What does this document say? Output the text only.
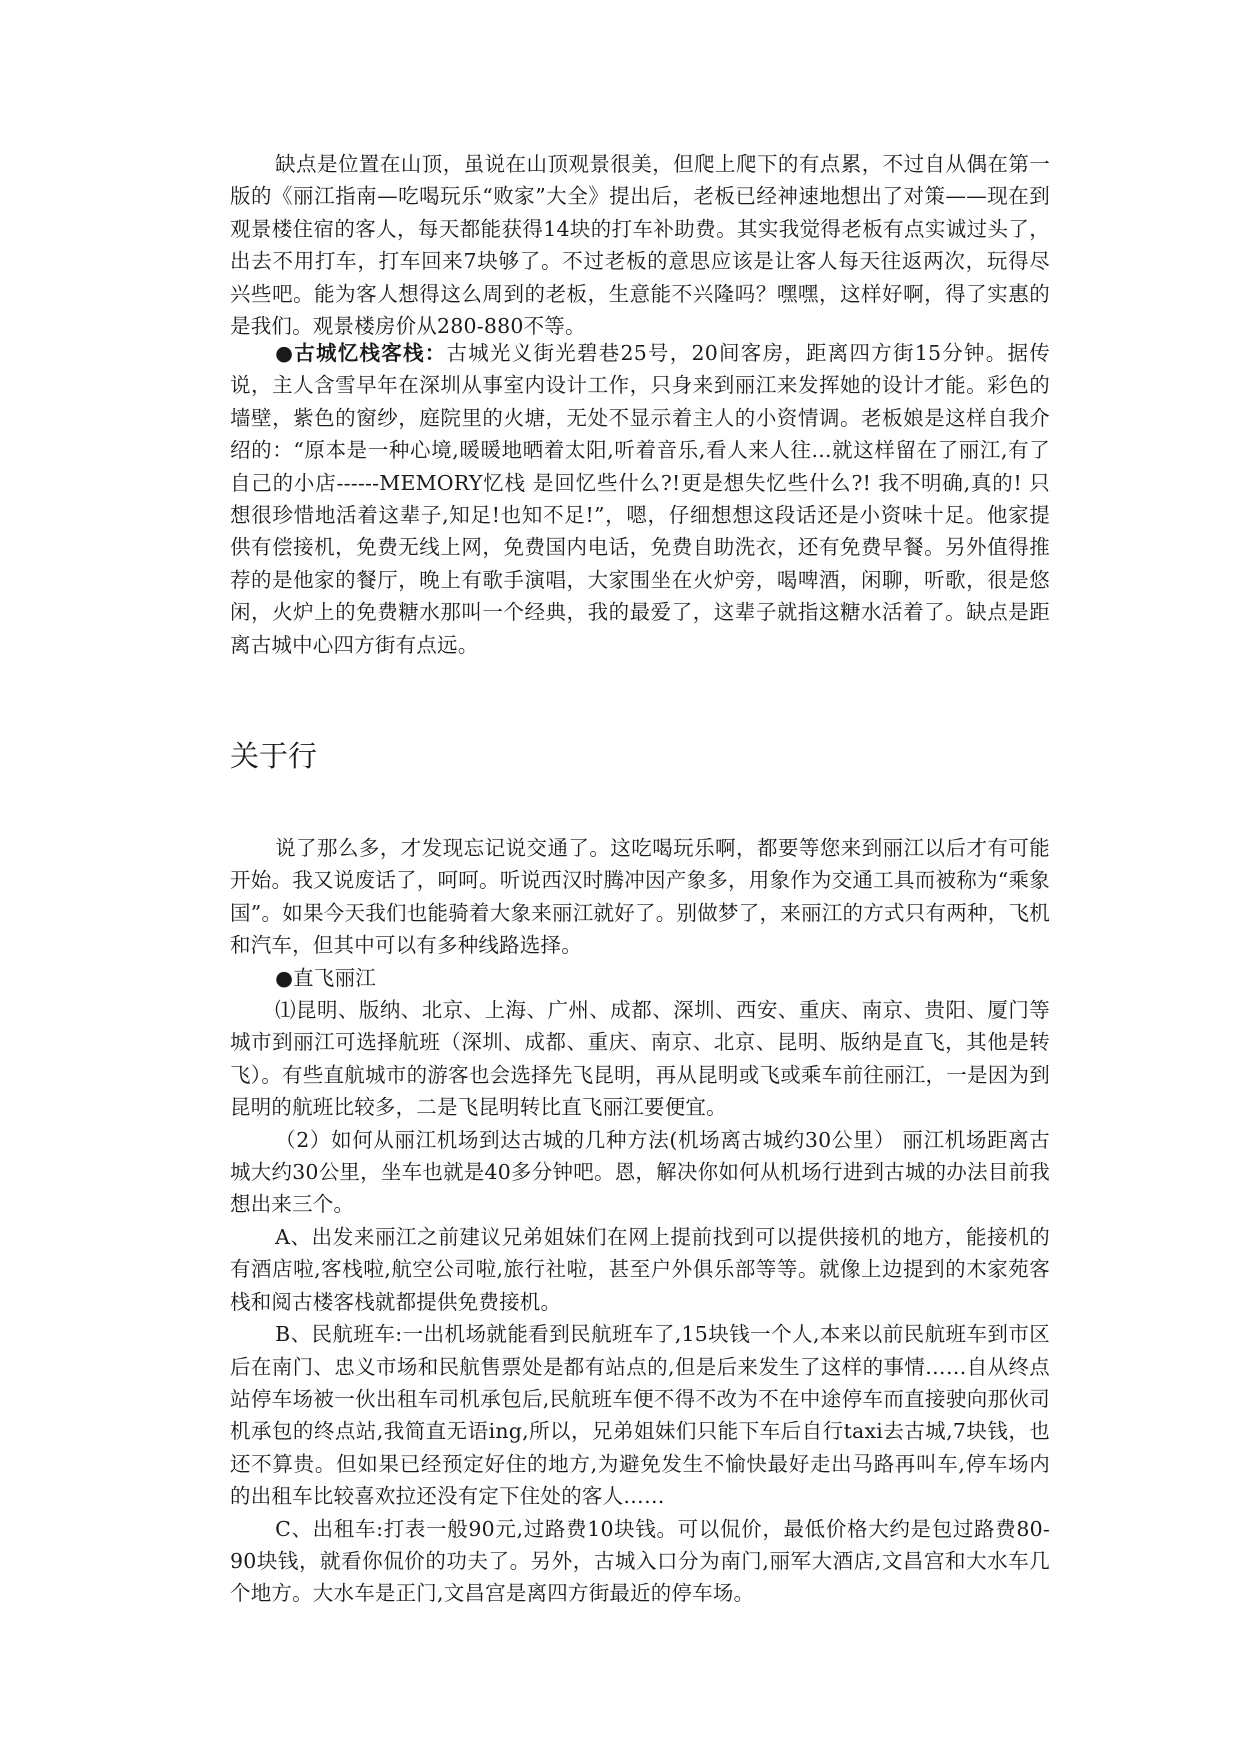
缺点是位置在山顶，虽说在山顶观景很美，但爬上爬下的有点累，不过自从偶在第一版的《丽江指南—吃喝玩乐“败家”大全》提出后，老板已经神速地想出了对策——现在到观景楼住宿的客人，每天都能获得14块的打车补助费。其实我觉得老板有点实诚过头了，出去不用打车，打车回来7块够了。不过老板的意思应该是让客人每天往返两次，玩得尽兴些吧。能为客人想得这么周到的老板，生意能不兴隆吗？嘿嘿，这样好啊，得了实惠的是我们。观景楼房价从280-880不等。

●古城忆栈客栈：古城光义街光碧巷25号，20间客房，距离四方街15分钟。据传说，主人含雪早年在深圳从事室内设计工作，只身来到丽江来发挥她的设计才能。彩色的墙壁，紫色的窗纱，庭院里的火塘，无处不显示着主人的小资情调。老板娘是这样自我介绍的：“原本是一种心境,暖暖地晒着太阳,听着音乐,看人来人往...就这样留在了丽江,有了自己的小店------MEMORY忆栈 是回忆些什么?!更是想失忆些什么?! 我不明确,真的! 只想很珍惜地活着这辈子,知足!也知不足!”，嗯，仔细想想这段话还是小资味十足。他家提供有偿接机，免费无线上网，免费国内电话，免费自助洗衣，还有免费早餐。另外值得推荐的是他家的餐厅，晚上有歌手演唱，大家围坐在火炉旁，喝啤酒，闲聊，听歌，很是悠闲，火炉上的免费糖水那叫一个经典，我的最爱了，这辈子就指这糖水活着了。缺点是距离古城中心四方街有点远。

关于行

说了那么多，才发现忘记说交通了。这吃喝玩乐啊，都要等您来到丽江以后才有可能开始。我又说废话了，呵呵。听说西汉时腾冲因产象多，用象作为交通工具而被称为“乘象国”。如果今天我们也能骑着大象来丽江就好了。别做梦了，来丽江的方式只有两种，飞机和汽车，但其中可以有多种线路选择。

●直飞丽江

⑴昆明、版纳、北京、上海、广州、成都、深圳、西安、重庆、南京、贵阳、厦门等城市到丽江可选择航班（深圳、成都、重庆、南京、北京、昆明、版纳是直飞，其他是转飞）。有些直航城市的游客也会选择先飞昆明，再从昆明或飞或乘车前往丽江，一是因为到昆明的航班比较多，二是飞昆明转比直飞丽江要便宜。

（2）如何从丽江机场到达古城的几种方法(机场离古城约30公里） 丽江机场距离古城大约30公里，坐车也就是40多分钟吧。恩，解决你如何从机场行进到古城的办法目前我想出来三个。

A、出发来丽江之前建议兄弟姐妹们在网上提前找到可以提供接机的地方，能接机的有酒店啦,客栈啦,航空公司啦,旅行社啦，甚至户外俱乐部等等。就像上边提到的木家苑客栈和阅古楼客栈就都提供免费接机。

B、民航班车:一出机场就能看到民航班车了,15块钱一个人,本来以前民航班车到市区后在南门、忠义市场和民航售票处是都有站点的,但是后来发生了这样的事情……自从终点站停车场被一伙出租车司机承包后,民航班车便不得不改为不在中途停车而直接驶向那伙司机承包的终点站,我简直无语ing,所以，兄弟姐妹们只能下车后自行taxi去古城,7块钱，也还不算贵。但如果已经预定好住的地方,为避免发生不愉快最好走出马路再叫车,停车场内的出租车比较喜欢拉还没有定下住处的客人……

C、出租车:打表一般90元,过路费10块钱。可以侃价，最低价格大约是包过路费80-90块钱，就看你侃价的功夫了。另外，古城入口分为南门,丽军大酒店,文昌宫和大水车几个地方。大水车是正门,文昌宫是离四方街最近的停车场。
